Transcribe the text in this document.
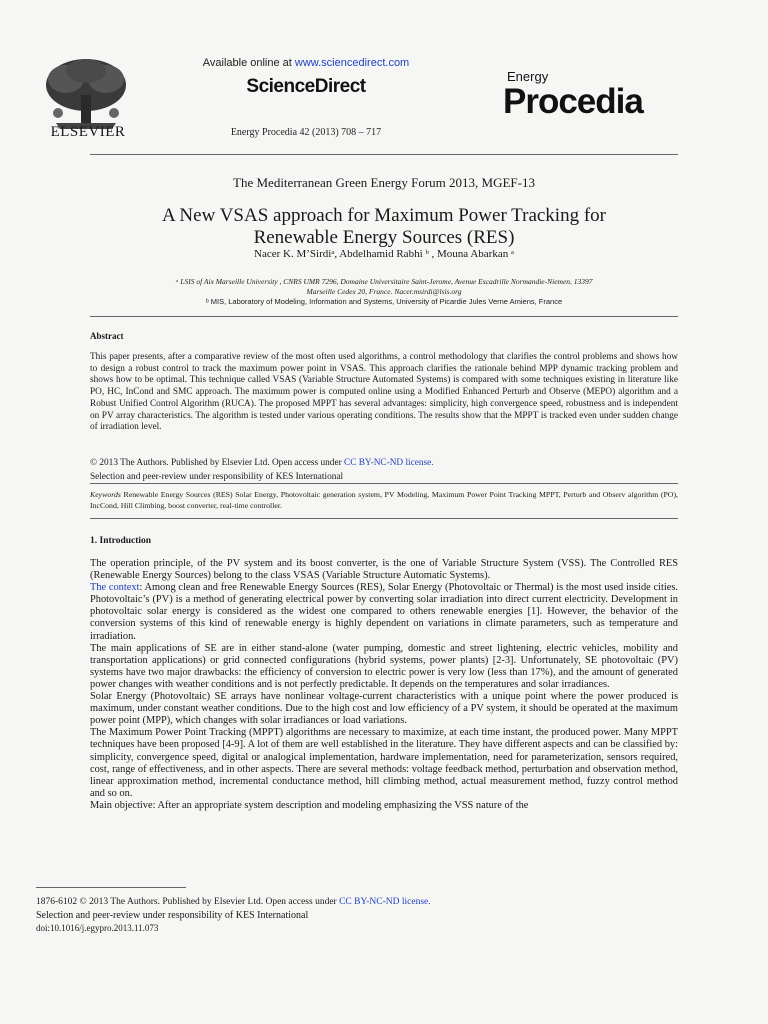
ELSEVIER
Available online at www.sciencedirect.com
ScienceDirect
Energy Procedia 42 (2013) 708 – 717
Energy
Procedia
The Mediterranean Green Energy Forum 2013, MGEF-13
A New VSAS approach for Maximum Power Tracking for
Renewable Energy Sources (RES)
Nacer K. M’Sirdiᵃ, Abdelhamid Rabhi ᵇ , Mouna Abarkan ᵃ
ᵃ LSIS of Aix Marseille University , CNRS UMR 7296, Domaine Universitaire Saint-Jerome, Avenue Escadrille Normandie-Niemen, 13397
Marseille Cedex 20, France. Nacer.msirdi@lsis.org
ᵇ MIS, Laboratory of Modeling, Information and Systems, University of Picardie Jules Verne Amiens, France
Abstract
This paper presents, after a comparative review of the most often used algorithms, a control methodology that clarifies the control problems and shows how to design a robust control to track the maximum power point in VSAS. This approach clarifies the rationale behind MPP dynamic tracking problem and shows how to be optimal. This technique called VSAS (Variable Structure Automated Systems) is compared with some techniques existing in literature like PO, HC, InCond and SMC approach. The maximum power is computed online using a Modified Enhanced Perturb and Observe (MEPO) algorithm and a Robust Unified Control Algorithm (RUCA). The proposed MPPT has several advantages: simplicity, high convergence speed, robustness and is independent on PV array characteristics. The algorithm is tested under various operating conditions. The results show that the MPPT is tracked even under sudden change of irradiation level.
© 2013 The Authors. Published by Elsevier Ltd. Open access under CC BY-NC-ND license.
Selection and peer-review under responsibility of KES International
Keywords Renewable Energy Sources (RES) Solar Energy, Photovoltaic generation system, PV Modeling, Maximum Power Point Tracking MPPT, Perturb and Observ algorithm (PO), IncCond, Hill Climbing, boost converter, real-time controller.
1. Introduction

The operation principle, of the PV system and its boost converter, is the one of Variable Structure System (VSS). The Controlled RES (Renewable Energy Sources) belong to the class VSAS (Variable Structure Automatic Systems).

The context: Among clean and free Renewable Energy Sources (RES), Solar Energy (Photovoltaic or Thermal) is the most used inside cities. Photovoltaic’s (PV) is a method of generating electrical power by converting solar irradiation into direct current electricity. Development in photovoltaic solar energy is considered as the widest one compared to others renewable energies [1]. However, the behavior of the conversion systems of this kind of renewable energy is highly dependent on variations in climate parameters, such as temperature and irradiation.

The main applications of SE are in either stand-alone (water pumping, domestic and street lightening, electric vehicles, mobility and transportation applications) or grid connected configurations (hybrid systems, power plants) [2-3]. Unfortunately, SE photovoltaic (PV) systems have two major drawbacks: the efficiency of conversion to electric power is very low (less than 17%), and the amount of generated power changes with weather conditions and is not perfectly predictable. It depends on the temperatures and solar irradiances.

Solar Energy (Photovoltaic) SE arrays have nonlinear voltage-current characteristics with a unique point where the power produced is maximum, under constant weather conditions. Due to the high cost and low efficiency of a PV system, it should be operated at the maximum power point (MPP), which changes with solar irradiances or load variations.

The Maximum Power Point Tracking (MPPT) algorithms are necessary to maximize, at each time instant, the produced power. Many MPPT techniques have been proposed [4-9]. A lot of them are well established in the literature. They have different aspects and can be classified by: simplicity, convergence speed, digital or analogical implementation, hardware implementation, need for parameterization, sensors required, cost, range of effectiveness, and in other aspects. There are several methods: voltage feedback method, perturbation and observation method, linear approximation method, incremental conductance method, hill climbing method, actual measurement method, fuzzy control method and so on.

Main objective: After an appropriate system description and modeling emphasizing the VSS nature of the

1876-6102 © 2013 The Authors. Published by Elsevier Ltd. Open access under CC BY-NC-ND license.
Selection and peer-review under responsibility of KES International
doi:10.1016/j.egypro.2013.11.073
